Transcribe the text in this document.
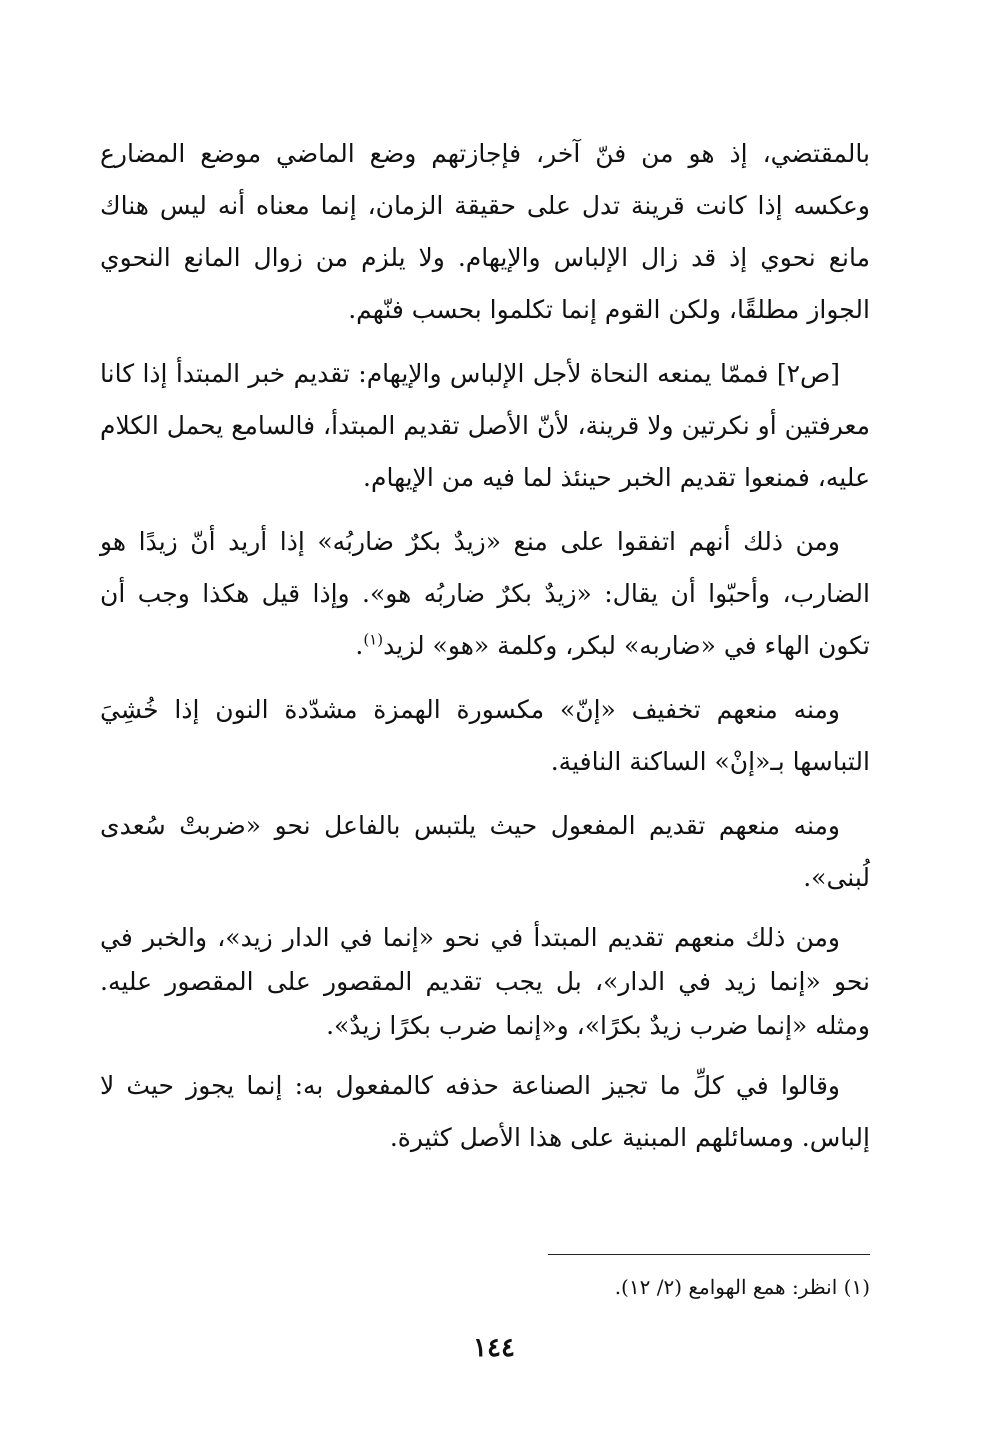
بالمقتضي، إذ هو من فنّ آخر، فإجازتهم وضع الماضي موضع المضارع وعكسه إذا كانت قرينة تدل على حقيقة الزمان، إنما معناه أنه ليس هناك مانع نحوي إذ قد زال الإلباس والإيهام. ولا يلزم من زوال المانع النحوي الجواز مطلقًا، ولكن القوم إنما تكلموا بحسب فنّهم.

[ص٢] فممّا يمنعه النحاة لأجل الإلباس والإيهام: تقديم خبر المبتدأ إذا كانا معرفتين أو نكرتين ولا قرينة، لأنّ الأصل تقديم المبتدأ، فالسامع يحمل الكلام عليه، فمنعوا تقديم الخبر حينئذ لما فيه من الإيهام.

ومن ذلك أنهم اتفقوا على منع «زيدٌ بكرٌ ضاربُه» إذا أريد أنّ زيدًا هو الضارب، وأحبّوا أن يقال: «زيدٌ بكرٌ ضاربُه هو». وإذا قيل هكذا وجب أن تكون الهاء في «ضاربه» لبكر، وكلمة «هو» لزيد$^{(١)}$.

ومنه منعهم تخفيف «إنّ» مكسورة الهمزة مشدّدة النون إذا خُشِيَ التباسها بـ«إنْ» الساكنة النافية.

ومنه منعهم تقديم المفعول حيث يلتبس بالفاعل نحو «ضربتْ سُعدى لُبنى».

ومن ذلك منعهم تقديم المبتدأ في نحو «إنما في الدار زيد»، والخبر في نحو «إنما زيد في الدار»، بل يجب تقديم المقصور على المقصور عليه. ومثله «إنما ضرب زيدٌ بكرًا»، و«إنما ضرب بكرًا زيدٌ».

وقالوا في كلِّ ما تجيز الصناعة حذفه كالمفعول به: إنما يجوز حيث لا إلباس. ومسائلهم المبنية على هذا الأصل كثيرة.

(١) انظر: همع الهوامع (٢/ ١٢).
١٤٤
